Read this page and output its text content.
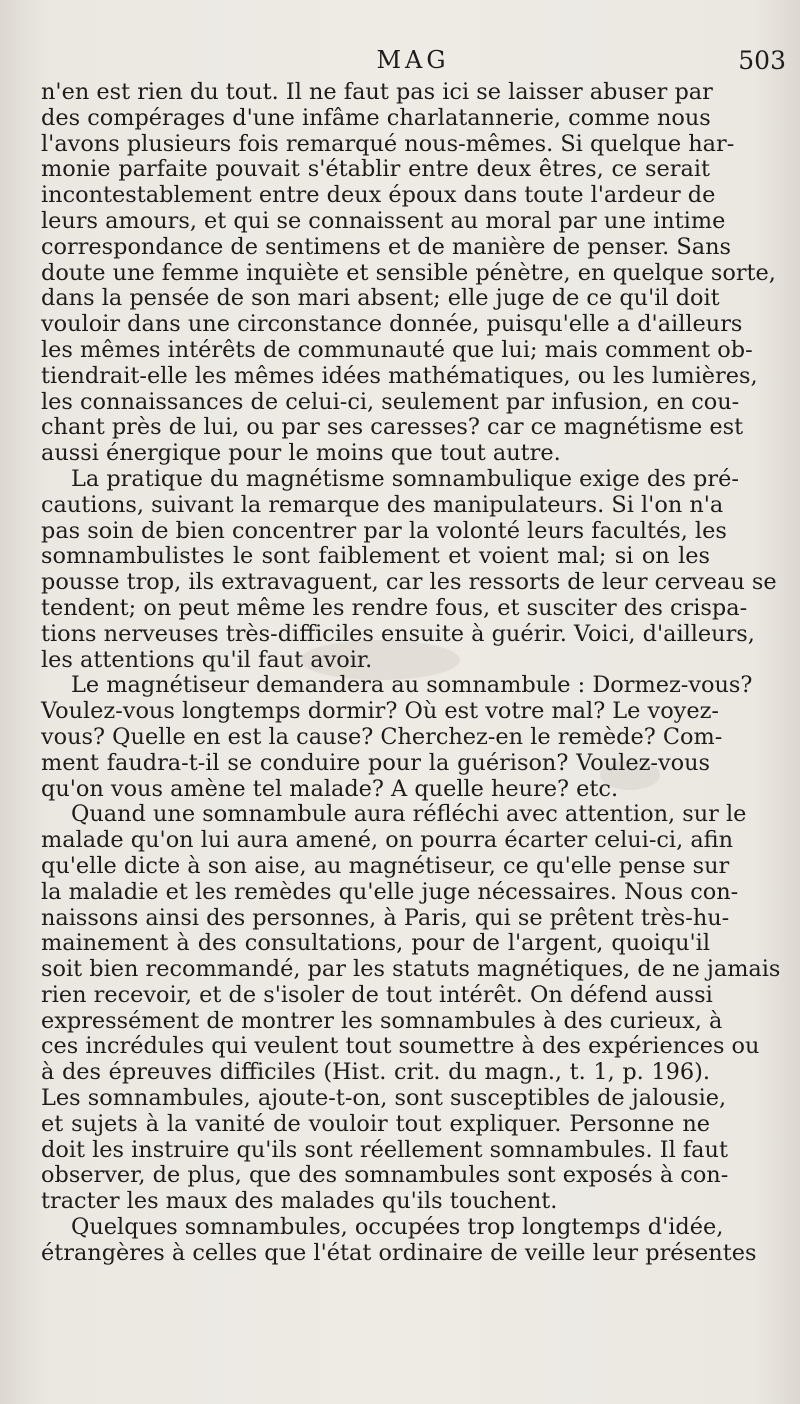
MAG	503
n'en est rien du tout. Il ne faut pas ici se laisser abuser par
des compérages d'une infâme charlatannerie, comme nous
l'avons plusieurs fois remarqué nous-mêmes. Si quelque har-
monie parfaite pouvait s'établir entre deux êtres, ce serait
incontestablement entre deux époux dans toute l'ardeur de
leurs amours, et qui se connaissent au moral par une intime
correspondance de sentimens et de manière de penser. Sans
doute une femme inquiète et sensible pénètre, en quelque sorte,
dans la pensée de son mari absent; elle juge de ce qu'il doit
vouloir dans une circonstance donnée, puisqu'elle a d'ailleurs
les mêmes intérêts de communauté que lui; mais comment ob-
tiendrait-elle les mêmes idées mathématiques, ou les lumières,
les connaissances de celui-ci, seulement par infusion, en cou-
chant près de lui, ou par ses caresses? car ce magnétisme est
aussi énergique pour le moins que tout autre.
La pratique du magnétisme somnambulique exige des pré-
cautions, suivant la remarque des manipulateurs. Si l'on n'a
pas soin de bien concentrer par la volonté leurs facultés, les
somnambulistes le sont faiblement et voient mal; si on les
pousse trop, ils extravaguent, car les ressorts de leur cerveau se
tendent; on peut même les rendre fous, et susciter des crispa-
tions nerveuses très-difficiles ensuite à guérir. Voici, d'ailleurs,
les attentions qu'il faut avoir.
Le magnétiseur demandera au somnambule : Dormez-vous?
Voulez-vous longtemps dormir? Où est votre mal? Le voyez-
vous? Quelle en est la cause? Cherchez-en le remède? Com-
ment faudra-t-il se conduire pour la guérison? Voulez-vous
qu'on vous amène tel malade? A quelle heure? etc.
Quand une somnambule aura réfléchi avec attention, sur le
malade qu'on lui aura amené, on pourra écarter celui-ci, afin
qu'elle dicte à son aise, au magnétiseur, ce qu'elle pense sur
la maladie et les remèdes qu'elle juge nécessaires. Nous con-
naissons ainsi des personnes, à Paris, qui se prêtent très-hu-
mainement à des consultations, pour de l'argent, quoiqu'il
soit bien recommandé, par les statuts magnétiques, de ne jamais
rien recevoir, et de s'isoler de tout intérêt. On défend aussi
expressément de montrer les somnambules à des curieux, à
ces incrédules qui veulent tout soumettre à des expériences ou
à des épreuves difficiles (Hist. crit. du magn., t. 1, p. 196).
Les somnambules, ajoute-t-on, sont susceptibles de jalousie,
et sujets à la vanité de vouloir tout expliquer. Personne ne
doit les instruire qu'ils sont réellement somnambules. Il faut
observer, de plus, que des somnambules sont exposés à con-
tracter les maux des malades qu'ils touchent.
Quelques somnambules, occupées trop longtemps d'idée,
étrangères à celles que l'état ordinaire de veille leur présentes
